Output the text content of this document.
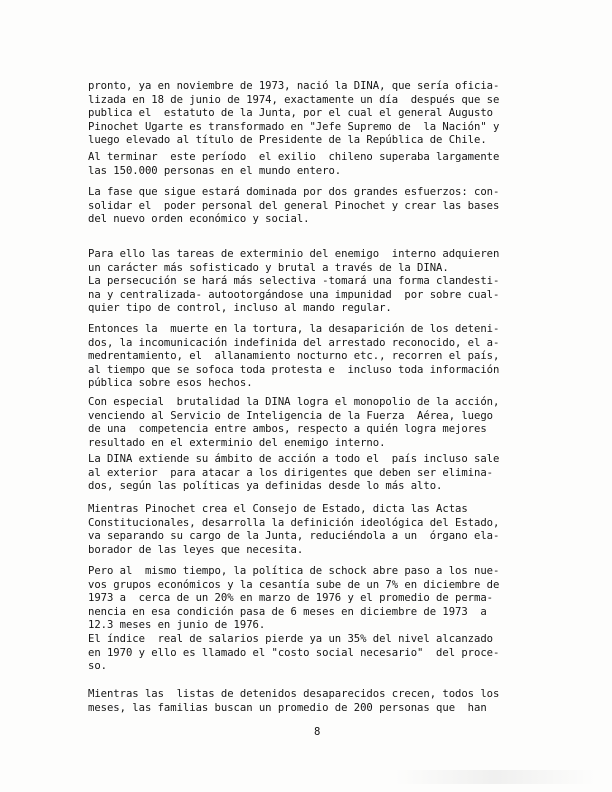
pronto, ya en noviembre de 1973, nació la DINA, que sería oficia-
lizada en 18 de junio de 1974, exactamente un día  después que se
publica el  estatuto de la Junta, por el cual el general Augusto
Pinochet Ugarte es transformado en "Jefe Supremo de  la Nación" y
luego elevado al título de Presidente de la República de Chile.
Al terminar  este período  el exilio  chileno superaba largamente
las 150.000 personas en el mundo entero.
La fase que sigue estará dominada por dos grandes esfuerzos: con-
solidar el  poder personal del general Pinochet y crear las bases
del nuevo orden económico y social.
Para ello las tareas de exterminio del enemigo  interno adquieren
un carácter más sofisticado y brutal a través de la DINA.
La persecución se hará más selectiva -tomará una forma clandesti-
na y centralizada- autootorgándose una impunidad  por sobre cual-
quier tipo de control, incluso al mando regular.
Entonces la  muerte en la tortura, la desaparición de los deteni-
dos, la incomunicación indefinida del arrestado reconocido, el a-
medrentamiento, el  allanamiento nocturno etc., recorren el país,
al tiempo que se sofoca toda protesta e  incluso toda información
pública sobre esos hechos.
Con especial  brutalidad la DINA logra el monopolio de la acción,
venciendo al Servicio de Inteligencia de la Fuerza  Aérea, luego
de una  competencia entre ambos, respecto a quién logra mejores
resultado en el exterminio del enemigo interno.
La DINA extiende su ámbito de acción a todo el  país incluso sale
al exterior  para atacar a los dirigentes que deben ser elimina-
dos, según las políticas ya definidas desde lo más alto.
Mientras Pinochet crea el Consejo de Estado, dicta las Actas
Constitucionales, desarrolla la definición ideológica del Estado,
va separando su cargo de la Junta, reduciéndola a un  órgano ela-
borador de las leyes que necesita.
Pero al  mismo tiempo, la política de schock abre paso a los nue-
vos grupos económicos y la cesantía sube de un 7% en diciembre de
1973 a  cerca de un 20% en marzo de 1976 y el promedio de perma-
nencia en esa condición pasa de 6 meses en diciembre de 1973  a
12.3 meses en junio de 1976.
El índice  real de salarios pierde ya un 35% del nivel alcanzado
en 1970 y ello es llamado el "costo social necesario"  del proce-
so.
Mientras las  listas de detenidos desaparecidos crecen, todos los
meses, las familias buscan un promedio de 200 personas que  han
8
